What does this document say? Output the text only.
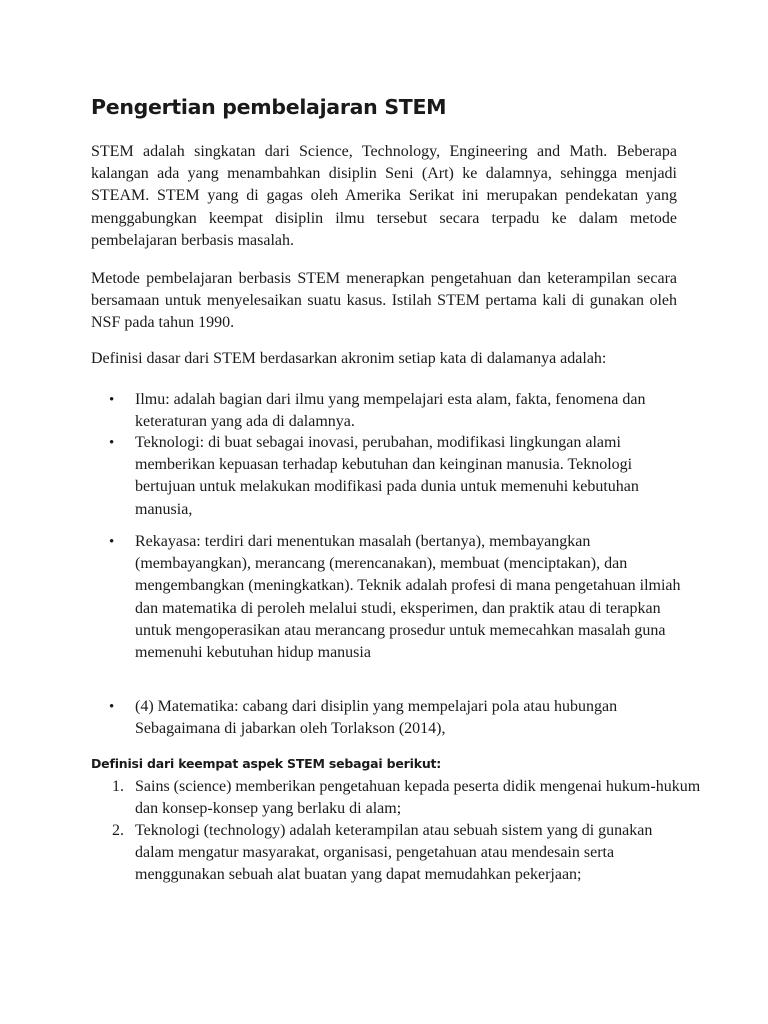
Pengertian pembelajaran STEM

STEM adalah singkatan dari Science, Technology, Engineering and Math. Beberapa kalangan ada yang menambahkan disiplin Seni (Art) ke dalamnya, sehingga menjadi STEAM. STEM yang di gagas oleh Amerika Serikat ini merupakan pendekatan yang menggabungkan keempat disiplin ilmu tersebut secara terpadu ke dalam metode pembelajaran berbasis masalah.

Metode pembelajaran berbasis STEM menerapkan pengetahuan dan keterampilan secara bersamaan untuk menyelesaikan suatu kasus. Istilah STEM pertama kali di gunakan oleh NSF pada tahun 1990.

Definisi dasar dari STEM berdasarkan akronim setiap kata di dalamanya adalah:

•	Ilmu: adalah bagian dari ilmu yang mempelajari esta alam, fakta, fenomena dan keteraturan yang ada di dalamnya.
•	Teknologi: di buat sebagai inovasi, perubahan, modifikasi lingkungan alami memberikan kepuasan terhadap kebutuhan dan keinginan manusia. Teknologi bertujuan untuk melakukan modifikasi pada dunia untuk memenuhi kebutuhan manusia,
•	Rekayasa: terdiri dari menentukan masalah (bertanya), membayangkan (membayangkan), merancang (merencanakan), membuat (menciptakan), dan mengembangkan (meningkatkan). Teknik adalah profesi di mana pengetahuan ilmiah dan matematika di peroleh melalui studi, eksperimen, dan praktik atau di terapkan untuk mengoperasikan atau merancang prosedur untuk memecahkan masalah guna memenuhi kebutuhan hidup manusia
•	(4) Matematika: cabang dari disiplin yang mempelajari pola atau hubungan Sebagaimana di jabarkan oleh Torlakson (2014),

Definisi dari keempat aspek STEM sebagai berikut:

1. Sains (science) memberikan pengetahuan kepada peserta didik mengenai hukum-hukum dan konsep-konsep yang berlaku di alam;
2. Teknologi (technology) adalah keterampilan atau sebuah sistem yang di gunakan dalam mengatur masyarakat, organisasi, pengetahuan atau mendesain serta menggunakan sebuah alat buatan yang dapat memudahkan pekerjaan;
